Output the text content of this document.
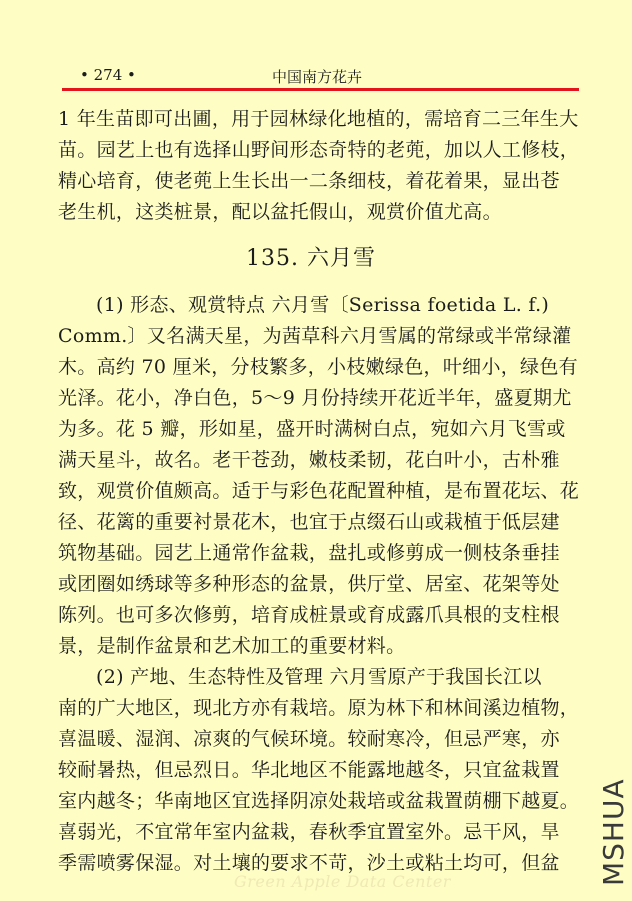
• 274 •	中国南方花卉
1 年生苗即可出圃，用于园林绿化地植的，需培育二三年生大
苗。园艺上也有选择山野间形态奇特的老蔸，加以人工修枝，
精心培育，使老蔸上生长出一二条细枝，着花着果，显出苍
老生机，这类桩景，配以盆托假山，观赏价值尤高。
135. 六月雪
(1) 形态、观赏特点 六月雪〔Serissa foetida L. f.)
Comm.〕又名满天星，为茜草科六月雪属的常绿或半常绿灌
木。高约 70 厘米，分枝繁多，小枝嫩绿色，叶细小，绿色有
光泽。花小，净白色，5～9 月份持续开花近半年，盛夏期尤
为多。花 5 瓣，形如星，盛开时满树白点，宛如六月飞雪或
满天星斗，故名。老干苍劲，嫩枝柔韧，花白叶小，古朴雅
致，观赏价值颇高。适于与彩色花配置种植，是布置花坛、花
径、花篱的重要衬景花木，也宜于点缀石山或栽植于低层建
筑物基础。园艺上通常作盆栽，盘扎或修剪成一侧枝条垂挂
或团圈如绣球等多种形态的盆景，供厅堂、居室、花架等处
陈列。也可多次修剪，培育成桩景或育成露爪具根的支柱根
景，是制作盆景和艺术加工的重要材料。
(2) 产地、生态特性及管理 六月雪原产于我国长江以
南的广大地区，现北方亦有栽培。原为林下和林间溪边植物，
喜温暖、湿润、凉爽的气候环境。较耐寒冷，但忌严寒，亦
较耐暑热，但忌烈日。华北地区不能露地越冬，只宜盆栽置
室内越冬；华南地区宜选择阴凉处栽培或盆栽置荫棚下越夏。
喜弱光，不宜常年室内盆栽，春秋季宜置室外。忌干风，旱
季需喷雾保湿。对土壤的要求不苛，沙土或粘土均可，但盆
Green Apple Data Center	MSHUA
